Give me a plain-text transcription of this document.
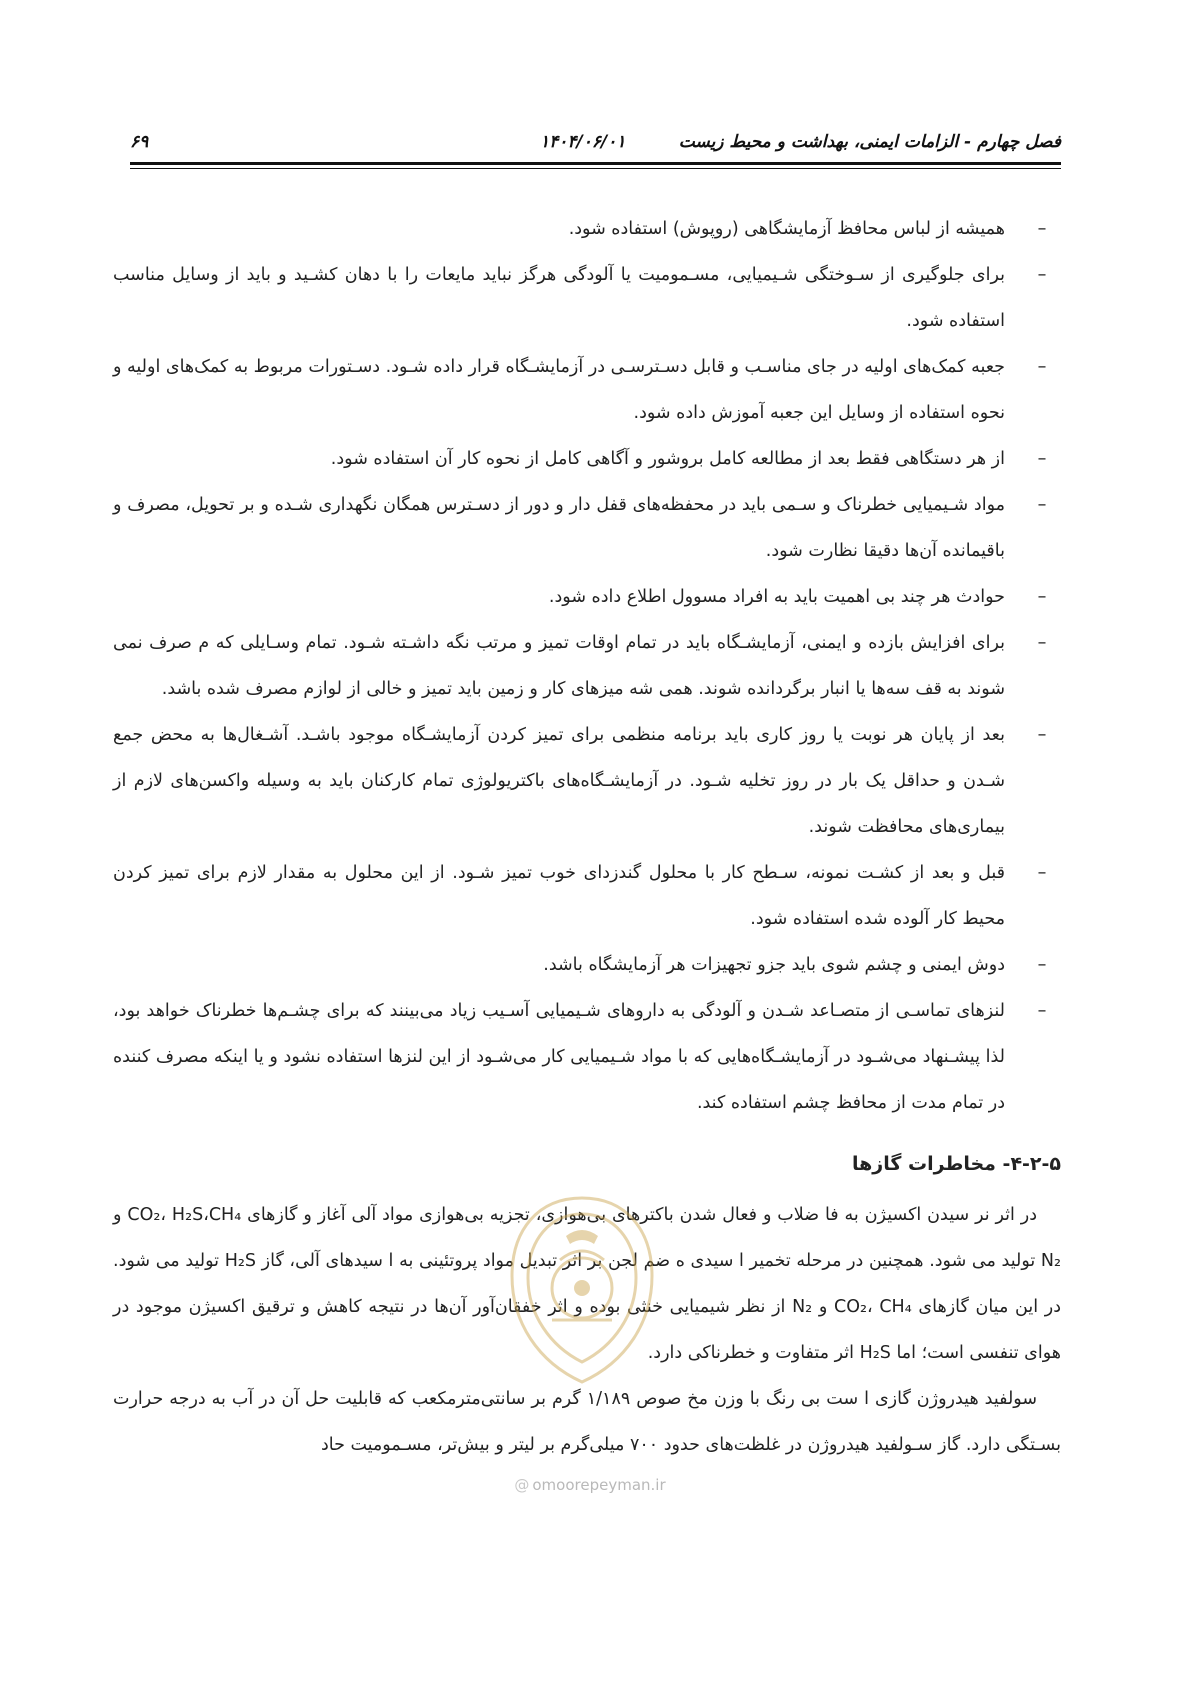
فصل چهارم - الزامات ایمنی، بهداشت و محیط زیست
۱۴۰۴/۰۶/۰۱
۶۹
–
همیشه از لباس محافظ آزمایشگاهی (روپوش) استفاده شود.
–
برای جلوگیری از سـوختگی شـیمیایی، مسـمومیت یا آلودگی هرگز نباید مایعات را با دهان کشـید و باید از وسایل مناسب استفاده شود.
–
جعبه کمک‌های اولیه در جای مناسـب و قابل دسـترسـی در آزمایشـگاه قرار داده شـود. دسـتورات مربوط به کمک‌های اولیه و نحوه استفاده از وسایل این جعبه آموزش داده شود.
–
از هر دستگاهی فقط بعد از مطالعه کامل بروشور و آگاهی کامل از نحوه کار آن استفاده شود.
–
مواد شـیمیایی خطرناک و سـمی باید در محفظه‌های قفل دار و دور از دسـترس همگان نگهداری شـده و بر تحویل، مصرف و باقیمانده آن‌ها دقیقا نظارت شود.
–
حوادث هر چند بی اهمیت باید به افراد مسوول اطلاع داده شود.
–
برای افزایش بازده و ایمنی، آزمایشـگاه باید در تمام اوقات تمیز و مرتب نگه داشـته شـود. تمام وسـایلی که م صرف نمی شوند به قف سه‌ها یا انبار برگردانده شوند. همی شه میزهای کار و زمین باید تمیز و خالی از لوازم مصرف شده باشد.
–
بعد از پایان هر نوبت یا روز کاری باید برنامه منظمی برای تمیز کردن آزمایشـگاه موجود باشـد. آشـغال‌ها به محض جمع شـدن و حداقل یک بار در روز تخلیه شـود. در آزمایشـگاه‌های باکتریولوژی تمام کارکنان باید به وسیله واکسن‌های لازم از بیماری‌های محافظت شوند.
–
قبل و بعد از کشـت نمونه، سـطح کار با محلول گندزدای خوب تمیز شـود. از این محلول به مقدار لازم برای تمیز کردن محیط کار آلوده شده استفاده شود.
–
دوش ایمنی و چشم شوی باید جزو تجهیزات هر آزمایشگاه باشد.
–
لنزهای تماسـی از متصـاعد شـدن و آلودگی به داروهای شـیمیایی آسـیب زیاد می‌بینند که برای چشـم‌ها خطرناک خواهد بود، لذا پیشـنهاد می‌شـود در آزمایشـگاه‌هایی که با مواد شـیمیایی کار می‌شـود از این لنزها استفاده نشود و یا اینکه مصرف کننده در تمام مدت از محافظ چشم استفاده کند.
۴-۲-۵- مخاطرات گازها

در اثر نر سیدن اکسیژن به فا ضلاب و فعال شدن باکترهای بی‌هوازی، تجزیه بی‌هوازی مواد آلی آغاز و گازهای CO₂، H₂S،CH₄ و N₂ تولید می شود. همچنین در مرحله تخمیر ا سیدی ه ضم لجن بر اثر تبدیل مواد پروتئینی به ا سیدهای آلی، گاز H₂S تولید می شود. در این میان گازهای CO₂، CH₄ و N₂ از نظر شیمیایی خنثی بوده و اثر خفقان‌آور آن‌ها در نتیجه کاهش و ترقیق اکسیژن موجود در هوای تنفسی است؛ اما H₂S اثر متفاوت و خطرناکی دارد.

سولفید هیدروژن گازی ا ست بی رنگ با وزن مخ صوص ۱/۱۸۹ گرم بر سانتی‌مترمکعب که قابلیت حل آن در آب به درجه حرارت بسـتگی دارد. گاز سـولفید هیدروژن در غلظت‌های حدود ۷۰۰ میلی‌گرم بر لیتر و بیش‌تر، مسـمومیت حاد

@ omoorepeyman.ir
